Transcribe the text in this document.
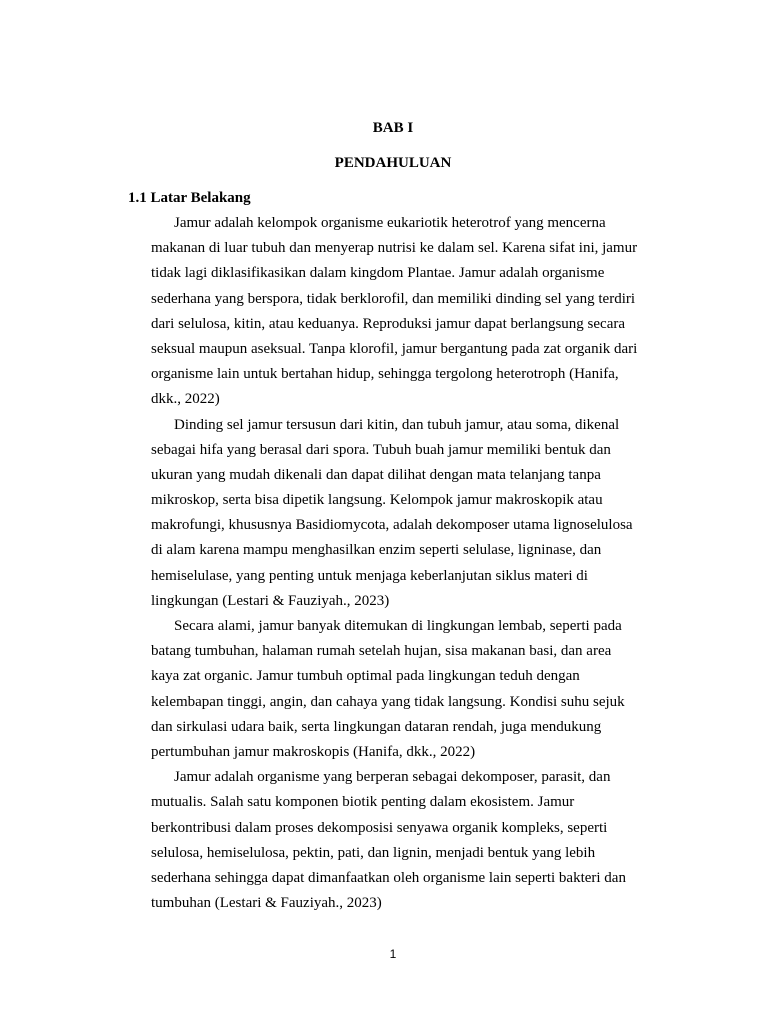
BAB I
PENDAHULUAN
1.1 Latar Belakang
Jamur adalah kelompok organisme eukariotik heterotrof yang mencerna
makanan di luar tubuh dan menyerap nutrisi ke dalam sel. Karena sifat ini, jamur
tidak lagi diklasifikasikan dalam kingdom Plantae. Jamur adalah organisme
sederhana yang berspora, tidak berklorofil, dan memiliki dinding sel yang terdiri
dari selulosa, kitin, atau keduanya. Reproduksi jamur dapat berlangsung secara
seksual maupun aseksual. Tanpa klorofil, jamur bergantung pada zat organik dari
organisme lain untuk bertahan hidup, sehingga tergolong heterotroph (Hanifa,
dkk., 2022)
Dinding sel jamur tersusun dari kitin, dan tubuh jamur, atau soma, dikenal
sebagai hifa yang berasal dari spora. Tubuh buah jamur memiliki bentuk dan
ukuran yang mudah dikenali dan dapat dilihat dengan mata telanjang tanpa
mikroskop, serta bisa dipetik langsung. Kelompok jamur makroskopik atau
makrofungi, khususnya Basidiomycota, adalah dekomposer utama lignoselulosa
di alam karena mampu menghasilkan enzim seperti selulase, ligninase, dan
hemiselulase, yang penting untuk menjaga keberlanjutan siklus materi di
lingkungan (Lestari & Fauziyah., 2023)
Secara alami, jamur banyak ditemukan di lingkungan lembab, seperti pada
batang tumbuhan, halaman rumah setelah hujan, sisa makanan basi, dan area
kaya zat organic. Jamur tumbuh optimal pada lingkungan teduh dengan
kelembapan tinggi, angin, dan cahaya yang tidak langsung. Kondisi suhu sejuk
dan sirkulasi udara baik, serta lingkungan dataran rendah, juga mendukung
pertumbuhan jamur makroskopis (Hanifa, dkk., 2022)
Jamur adalah organisme yang berperan sebagai dekomposer, parasit, dan
mutualis. Salah satu komponen biotik penting dalam ekosistem. Jamur
berkontribusi dalam proses dekomposisi senyawa organik kompleks, seperti
selulosa, hemiselulosa, pektin, pati, dan lignin, menjadi bentuk yang lebih
sederhana sehingga dapat dimanfaatkan oleh organisme lain seperti bakteri dan
tumbuhan (Lestari & Fauziyah., 2023)
1
